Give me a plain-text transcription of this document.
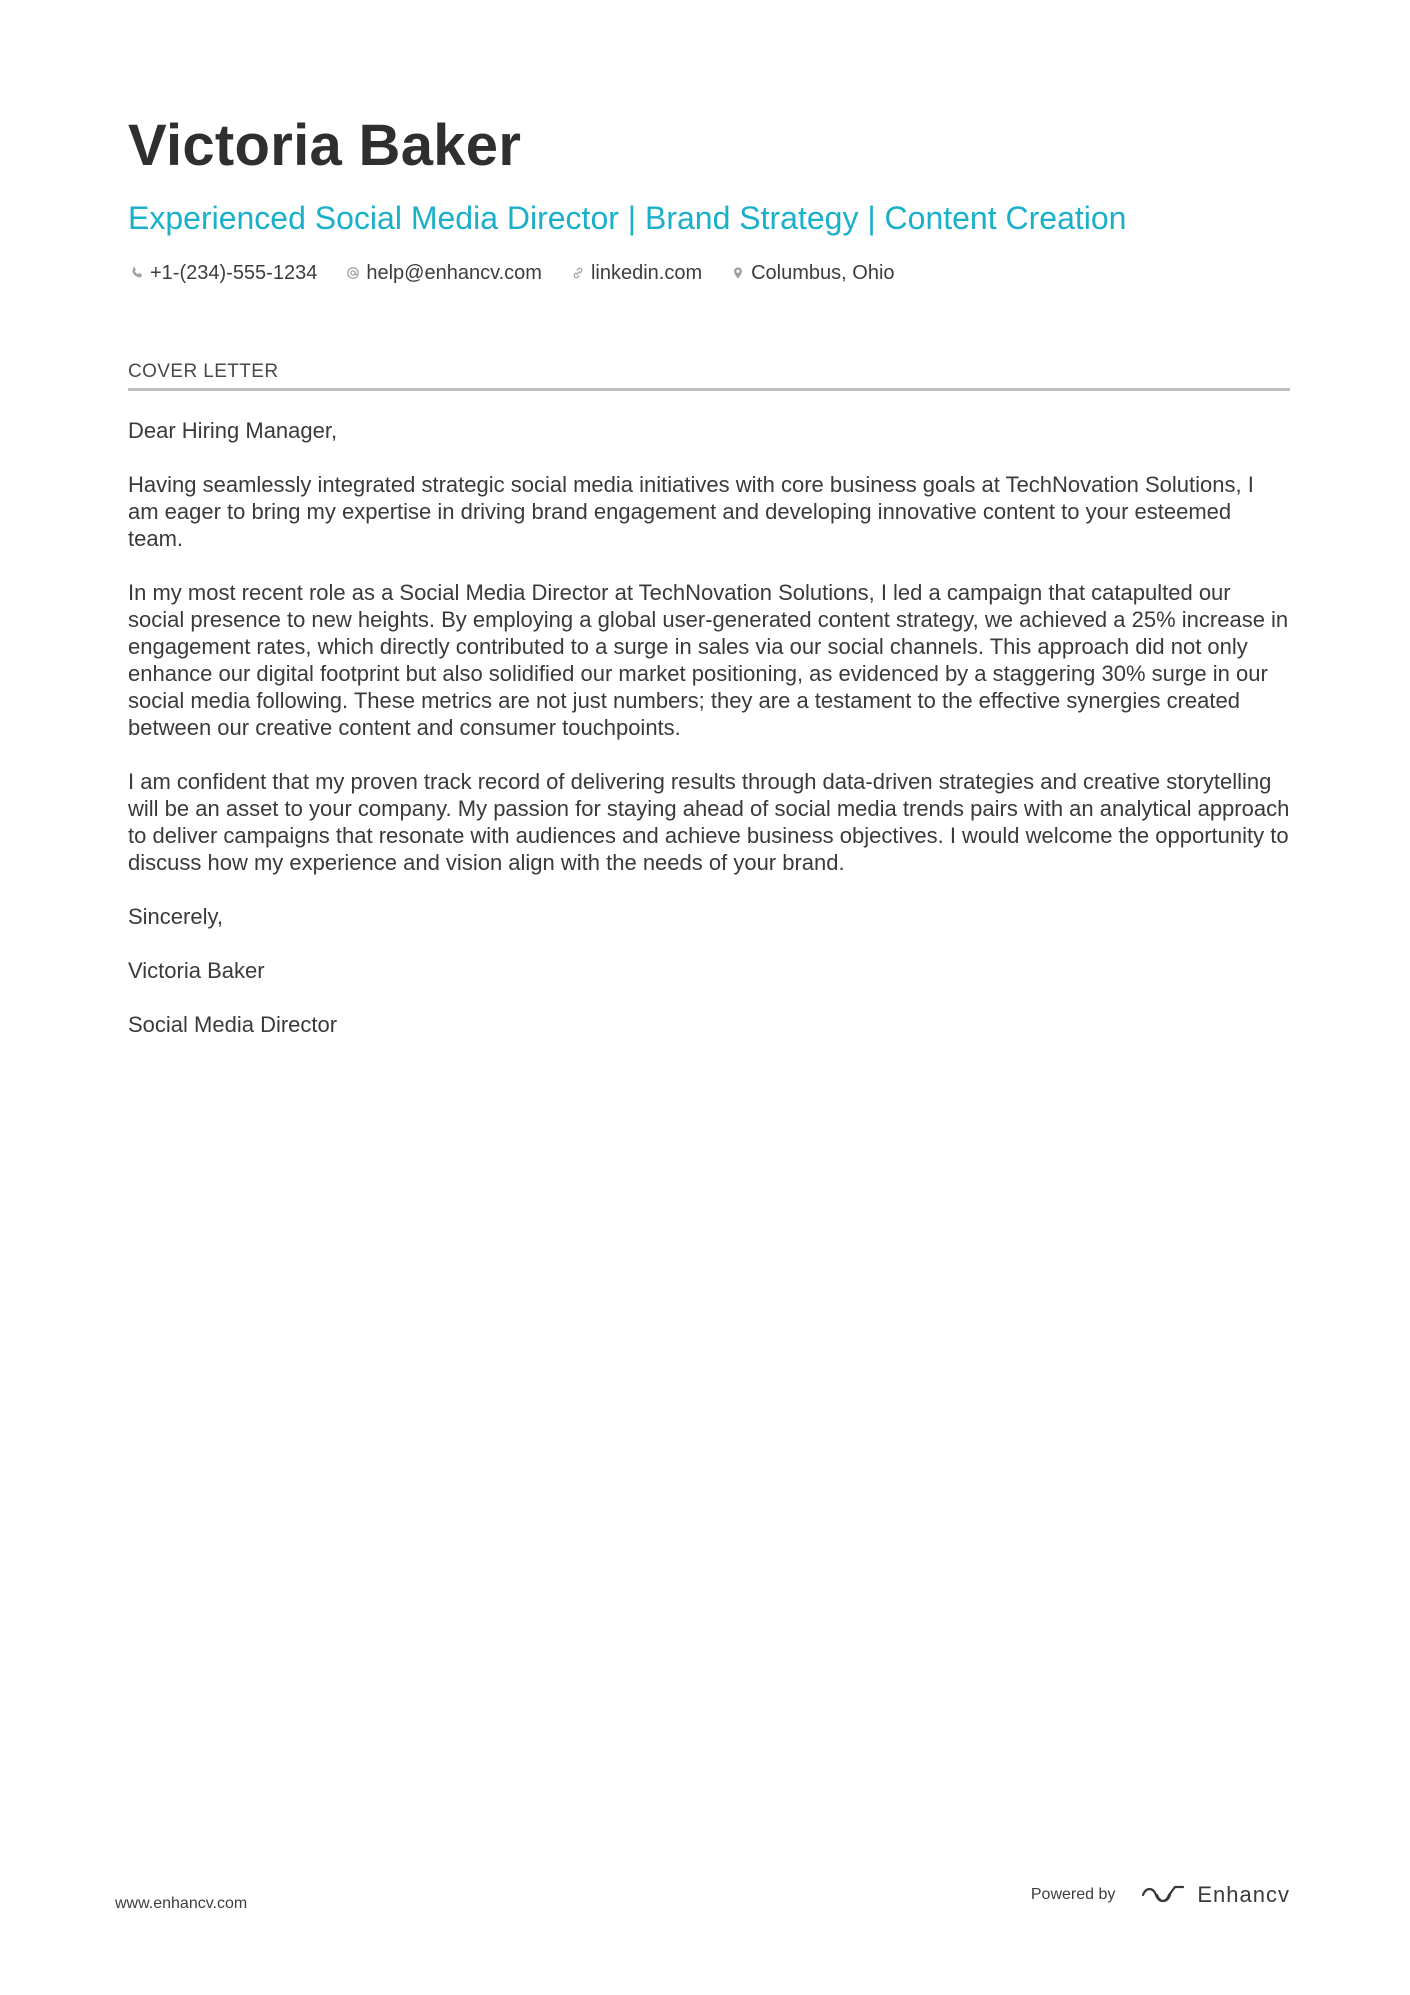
Victoria Baker
Experienced Social Media Director | Brand Strategy | Content Creation
+1-(234)-555-1234 help@enhancv.com linkedin.com Columbus, Ohio
COVER LETTER

Dear Hiring Manager,

Having seamlessly integrated strategic social media initiatives with core business goals at TechNovation Solutions, I am eager to bring my expertise in driving brand engagement and developing innovative content to your esteemed team.

In my most recent role as a Social Media Director at TechNovation Solutions, I led a campaign that catapulted our social presence to new heights. By employing a global user-generated content strategy, we achieved a 25% increase in engagement rates, which directly contributed to a surge in sales via our social channels. This approach did not only enhance our digital footprint but also solidified our market positioning, as evidenced by a staggering 30% surge in our social media following. These metrics are not just numbers; they are a testament to the effective synergies created between our creative content and consumer touchpoints.

I am confident that my proven track record of delivering results through data-driven strategies and creative storytelling will be an asset to your company. My passion for staying ahead of social media trends pairs with an analytical approach to deliver campaigns that resonate with audiences and achieve business objectives. I would welcome the opportunity to discuss how my experience and vision align with the needs of your brand.

Sincerely,

Victoria Baker

Social Media Director

www.enhancv.com
Powered by	Enhancv
